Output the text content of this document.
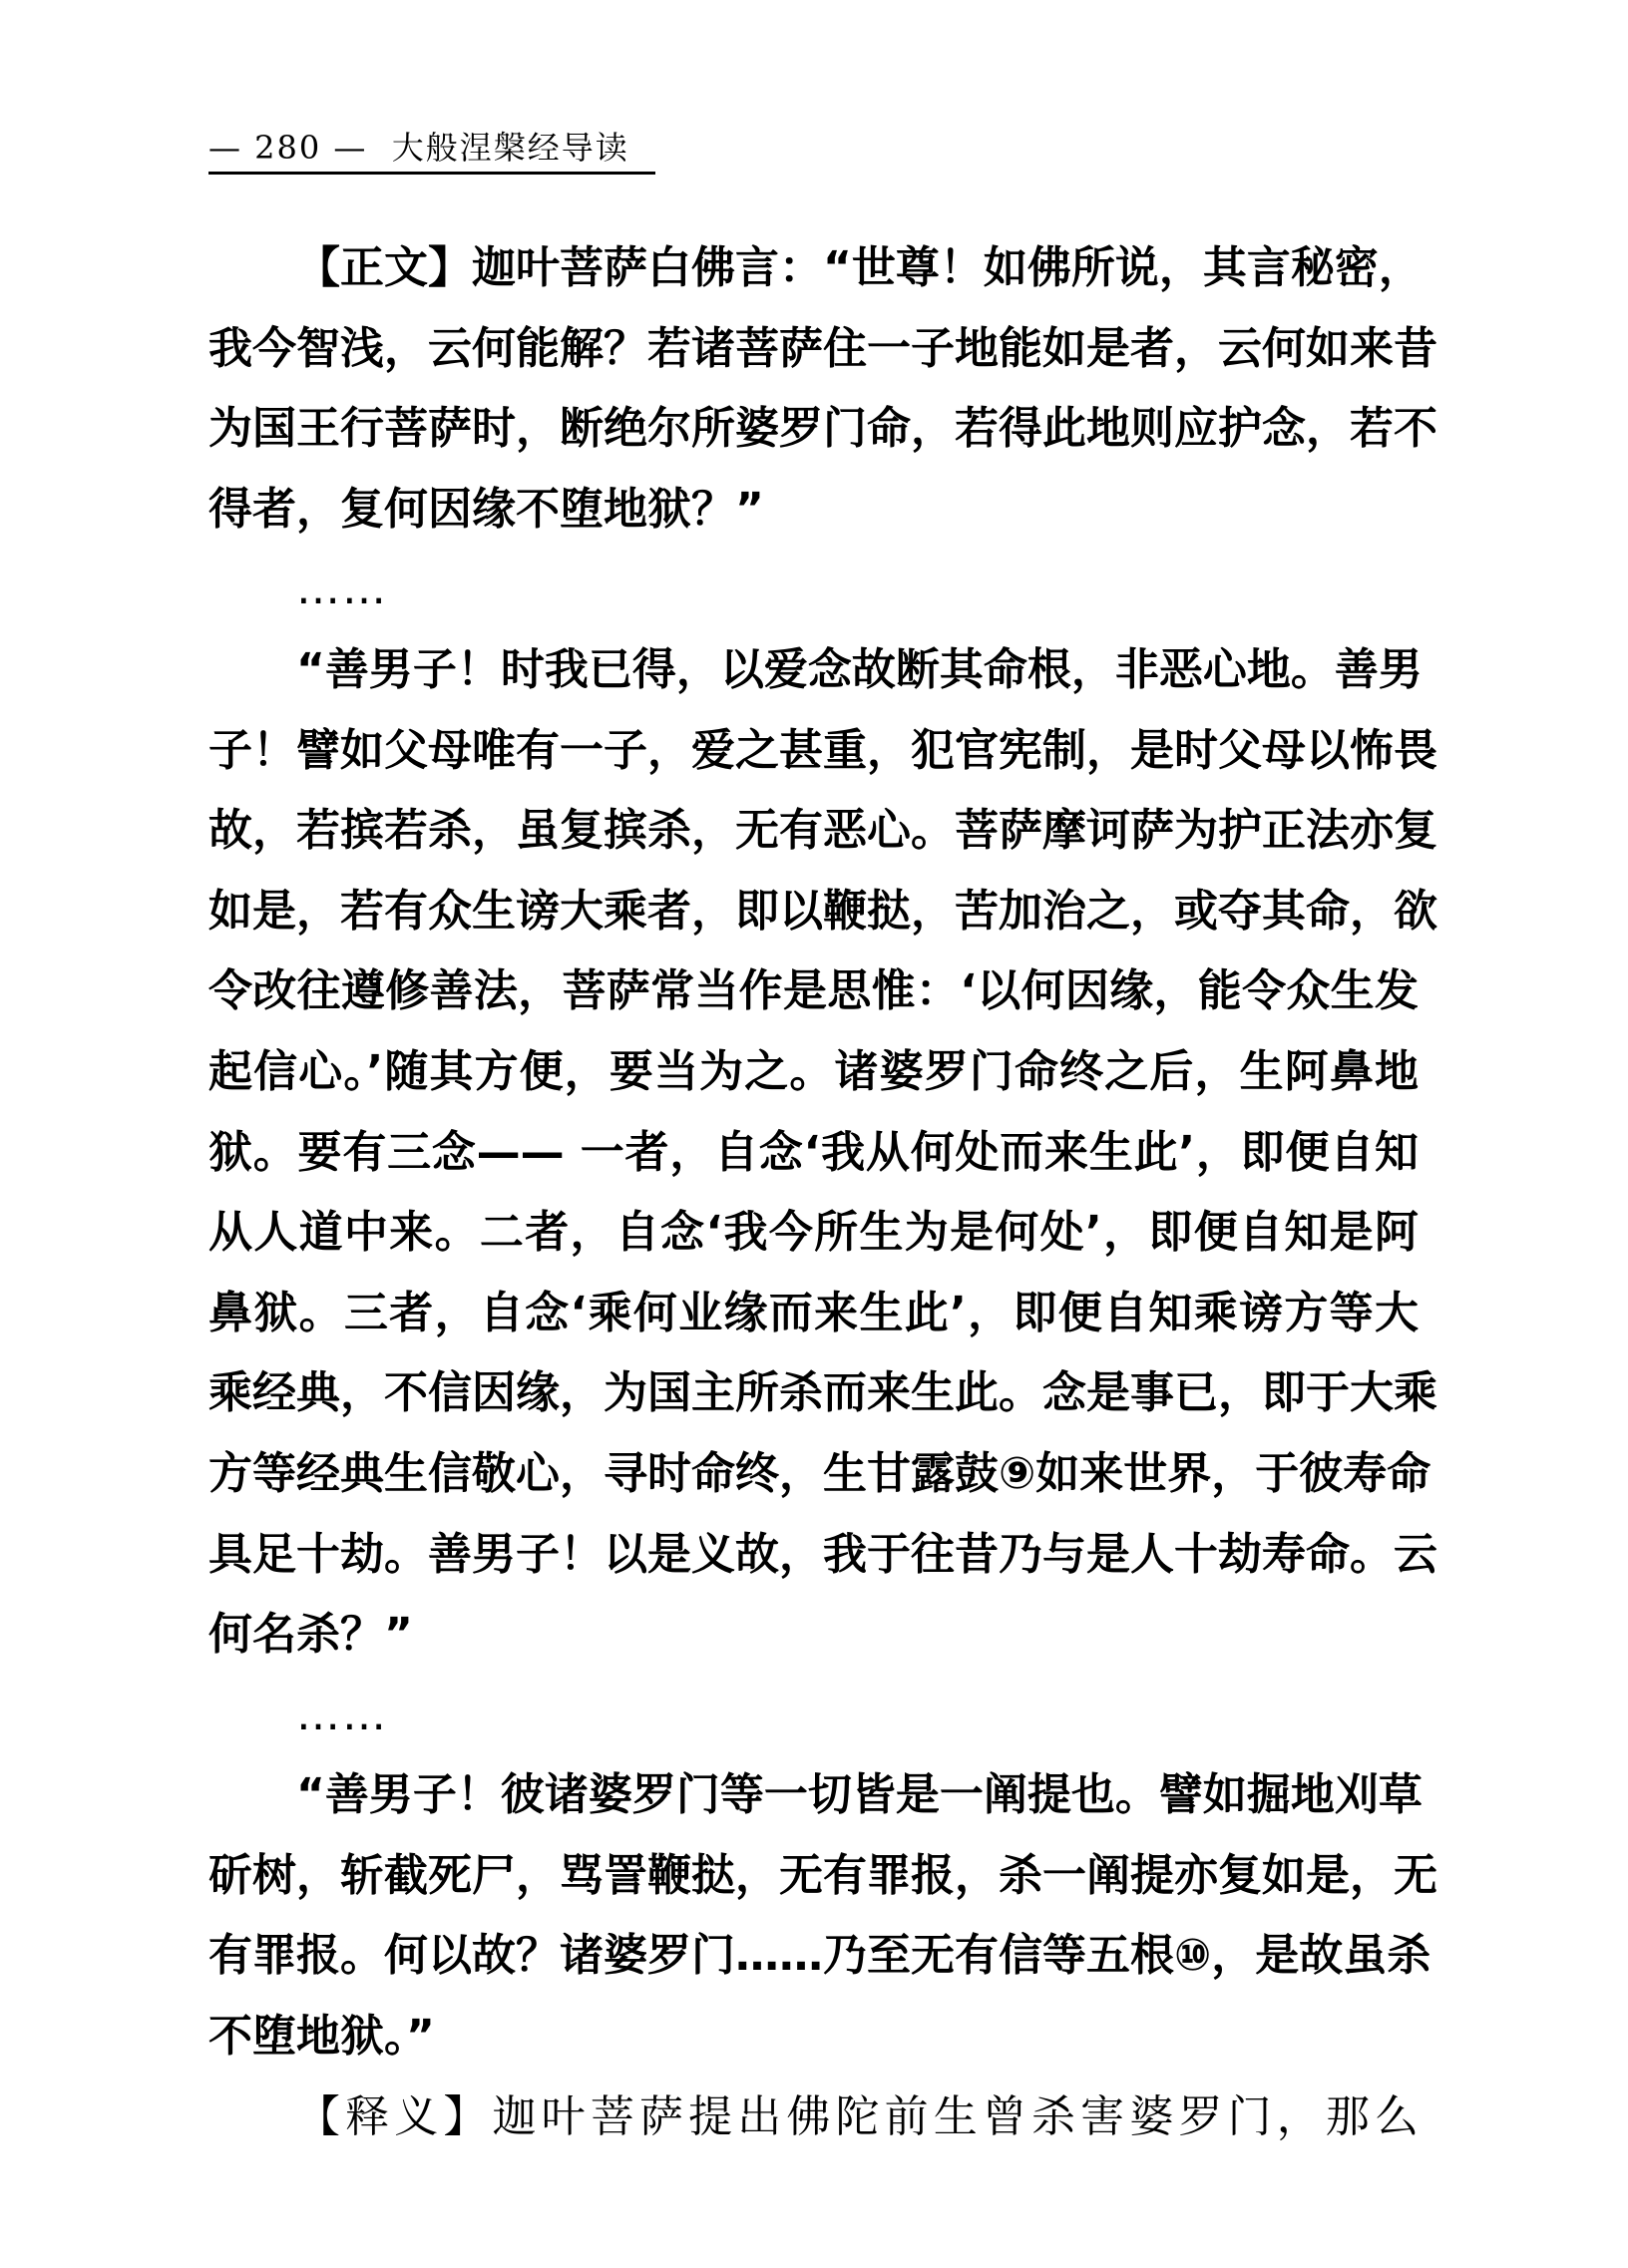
— 280 —  大般涅槃经导读
【正文】迦叶菩萨白佛言：“世尊！如佛所说，其言秘密，
我今智浅，云何能解？若诸菩萨住一子地能如是者，云何如来昔
为国王行菩萨时，断绝尔所婆罗门命，若得此地则应护念，若不
得者，复何因缘不堕地狱？”
……
“善男子！时我已得，以爱念故断其命根，非恶心地。善男
子！譬如父母唯有一子，爱之甚重，犯官宪制，是时父母以怖畏
故，若摈若杀，虽复摈杀，无有恶心。菩萨摩诃萨为护正法亦复
如是，若有众生谤大乘者，即以鞭挞，苦加治之，或夺其命，欲
令改往遵修善法，菩萨常当作是思惟：‘以何因缘，能令众生发
起信心。’随其方便，要当为之。诸婆罗门命终之后，生阿鼻地
狱。要有三念—— 一者，自念‘我从何处而来生此’，即便自知
从人道中来。二者，自念‘我今所生为是何处’，即便自知是阿
鼻狱。三者，自念‘乘何业缘而来生此’，即便自知乘谤方等大
乘经典，不信因缘，为国主所杀而来生此。念是事已，即于大乘
方等经典生信敬心，寻时命终，生甘露鼓⑨如来世界，于彼寿命
具足十劫。善男子！以是义故，我于往昔乃与是人十劫寿命。云
何名杀？”
……
“善男子！彼诸婆罗门等一切皆是一阐提也。譬如掘地刈草
斫树，斩截死尸，骂詈鞭挞，无有罪报，杀一阐提亦复如是，无
有罪报。何以故？诸婆罗门……乃至无有信等五根⑩，是故虽杀
不堕地狱。”
【释义】迦叶菩萨提出佛陀前生曾杀害婆罗门，那么
